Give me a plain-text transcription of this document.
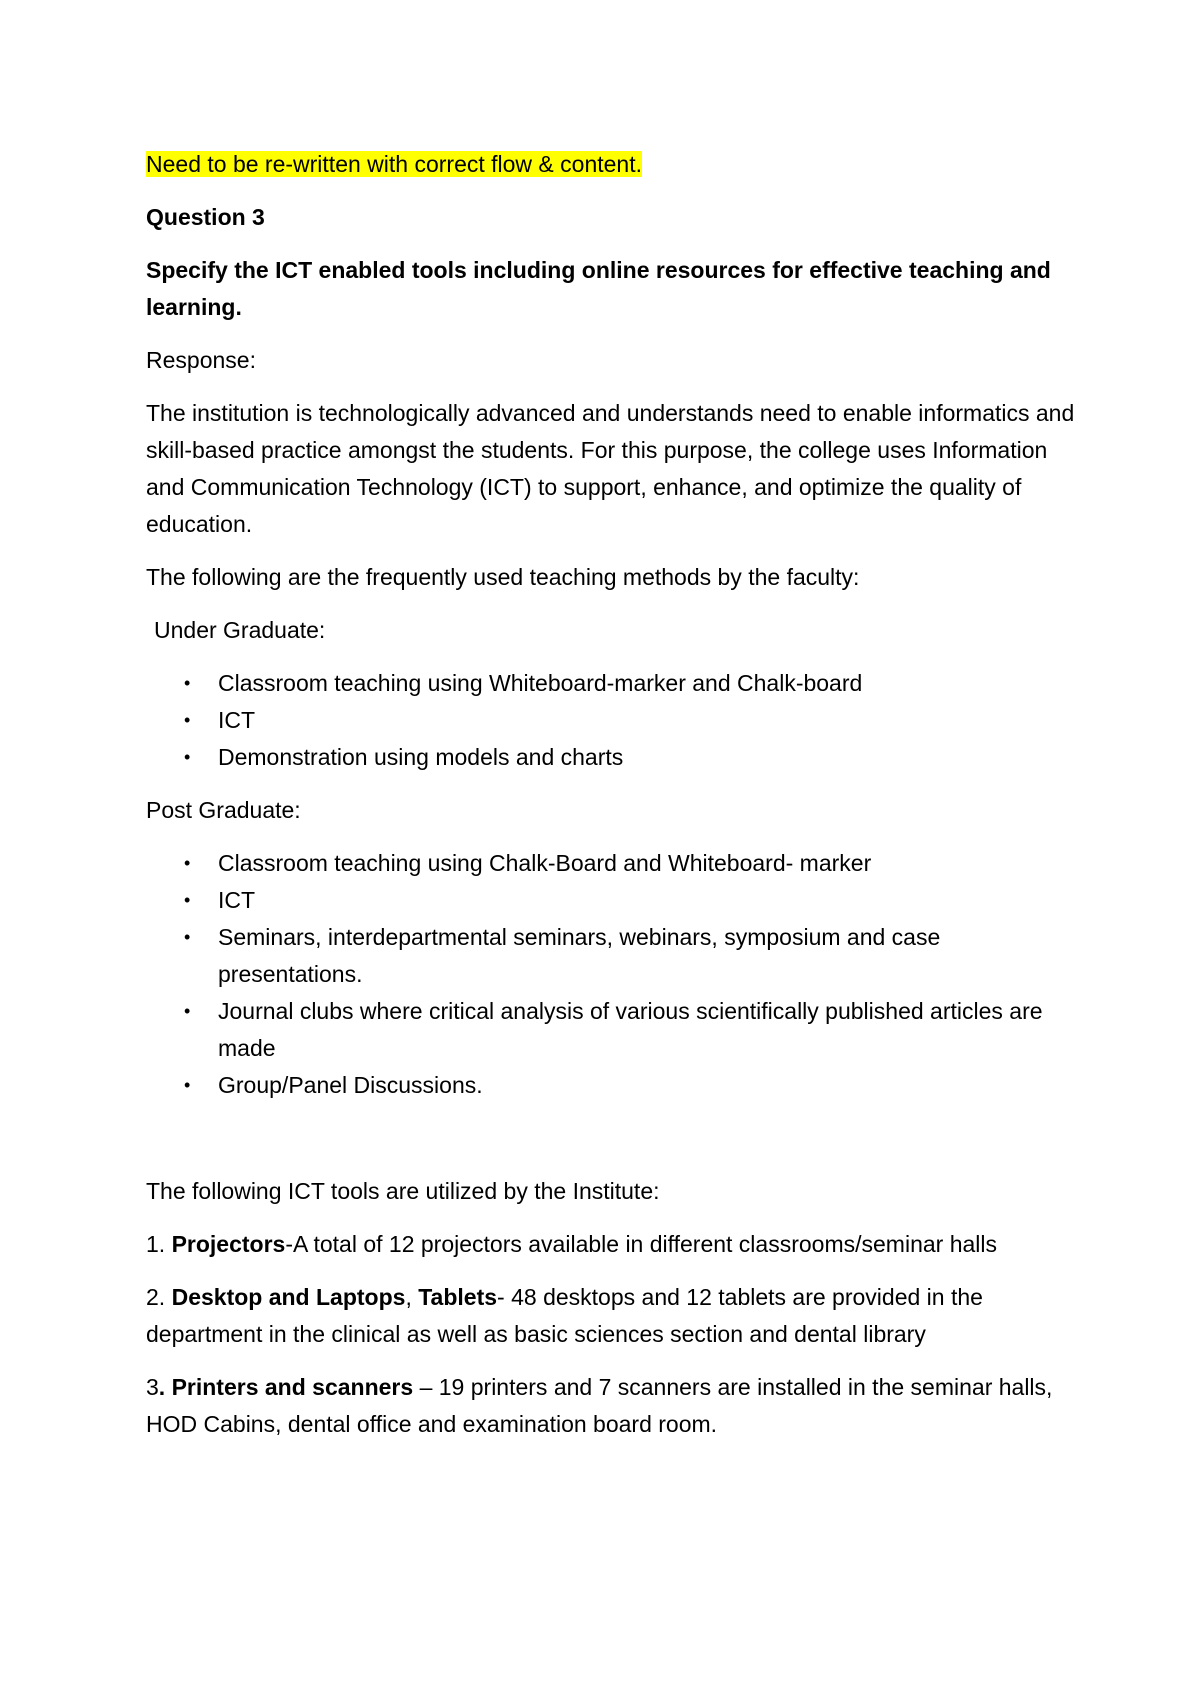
Need to be re-written with correct flow & content.

Question 3

Specify the ICT enabled tools including online resources for effective teaching and learning.

Response:

The institution is technologically advanced and understands need to enable informatics and skill-based practice amongst the students. For this purpose, the college uses Information and Communication Technology (ICT) to support, enhance, and optimize the quality of education.

The following are the frequently used teaching methods by the faculty:

Under Graduate:

• Classroom teaching using Whiteboard-marker and Chalk-board
• ICT
• Demonstration using models and charts

Post Graduate:

• Classroom teaching using Chalk-Board and Whiteboard- marker
• ICT
• Seminars, interdepartmental seminars, webinars, symposium and case presentations.
• Journal clubs where critical analysis of various scientifically published articles are made
• Group/Panel Discussions.

The following ICT tools are utilized by the Institute:

1. Projectors-A total of 12 projectors available in different classrooms/seminar halls

2. Desktop and Laptops, Tablets- 48 desktops and 12 tablets are provided in the department in the clinical as well as basic sciences section and dental library

3. Printers and scanners – 19 printers and 7 scanners are installed in the seminar halls, HOD Cabins, dental office and examination board room.
